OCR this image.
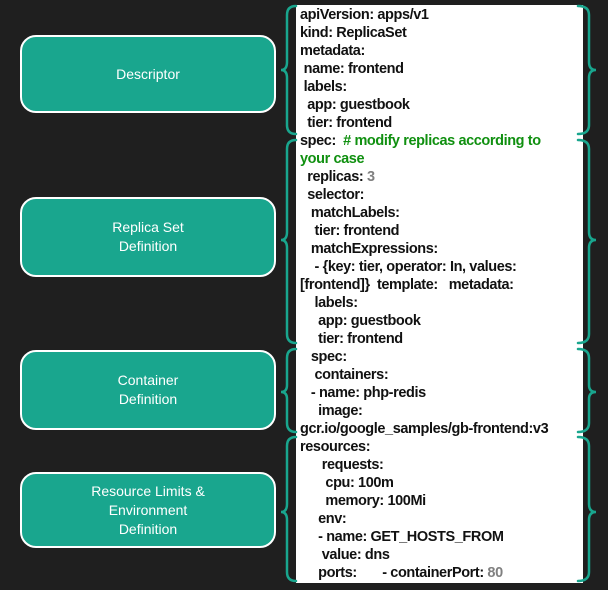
Descriptor
Replica Set
Definition
Container
Definition
Resource Limits &
Environment
Definition
apiVersion: apps/v1
kind: ReplicaSet
metadata:
name: frontend
labels:
app: guestbook
tier: frontend
spec:  # modify replicas according to
your case
replicas: 3
selector:
matchLabels:
tier: frontend
matchExpressions:
- {key: tier, operator: In, values:
[frontend]}  template:   metadata:
labels:
app: guestbook
tier: frontend
spec:
containers:
- name: php-redis
image:
gcr.io/google_samples/gb-frontend:v3
resources:
requests:
cpu: 100m
memory: 100Mi
env:
- name: GET_HOSTS_FROM
value: dns
ports:       - containerPort: 80
